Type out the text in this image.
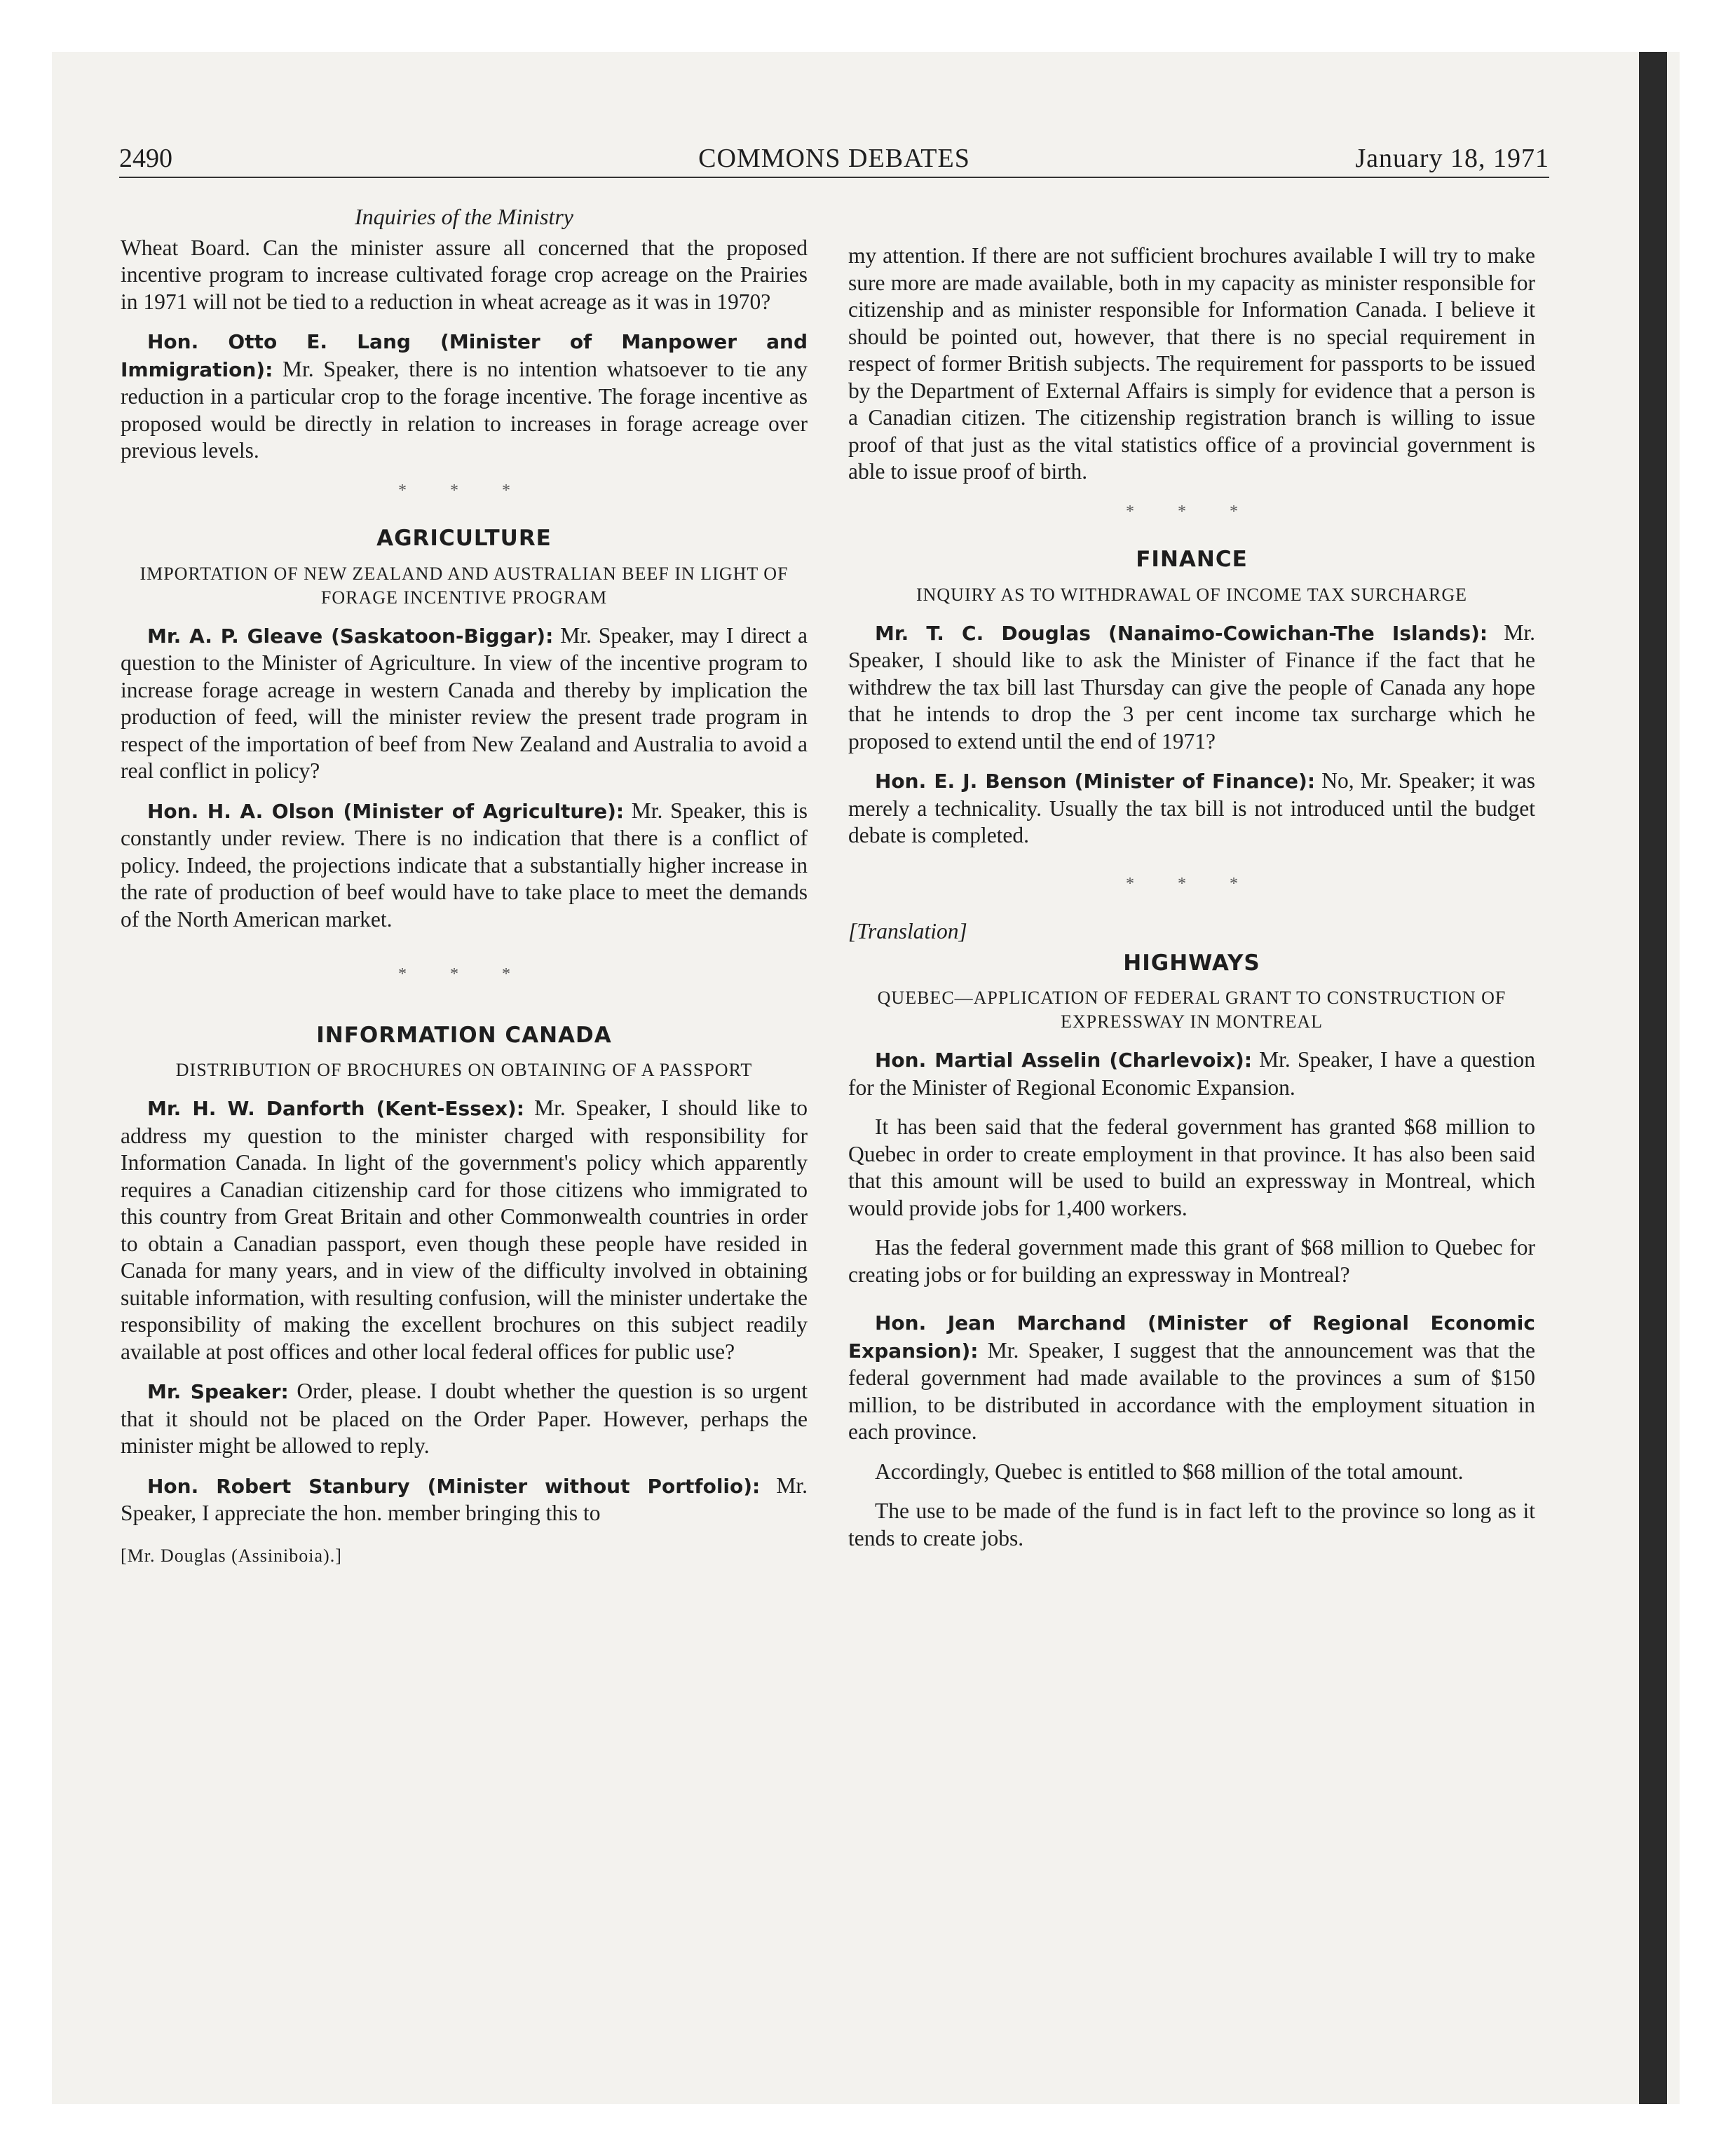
2490	COMMONS DEBATES	January 18, 1971
Inquiries of the Ministry

Wheat Board. Can the minister assure all concerned that the proposed incentive program to increase cultivated forage crop acreage on the Prairies in 1971 will not be tied to a reduction in wheat acreage as it was in 1970?

Hon. Otto E. Lang (Minister of Manpower and Immigration): Mr. Speaker, there is no intention whatsoever to tie any reduction in a particular crop to the forage incentive. The forage incentive as proposed would be directly in relation to increases in forage acreage over previous levels.

* * *
AGRICULTURE
IMPORTATION OF NEW ZEALAND AND AUSTRALIAN BEEF IN LIGHT OF FORAGE INCENTIVE PROGRAM

Mr. A. P. Gleave (Saskatoon-Biggar): Mr. Speaker, may I direct a question to the Minister of Agriculture. In view of the incentive program to increase forage acreage in western Canada and thereby by implication the production of feed, will the minister review the present trade program in respect of the importation of beef from New Zealand and Australia to avoid a real conflict in policy?

Hon. H. A. Olson (Minister of Agriculture): Mr. Speaker, this is constantly under review. There is no indication that there is a conflict of policy. Indeed, the projections indicate that a substantially higher increase in the rate of production of beef would have to take place to meet the demands of the North American market.

* * *
INFORMATION CANADA
DISTRIBUTION OF BROCHURES ON OBTAINING OF A PASSPORT

Mr. H. W. Danforth (Kent-Essex): Mr. Speaker, I should like to address my question to the minister charged with responsibility for Information Canada. In light of the government's policy which apparently requires a Canadian citizenship card for those citizens who immigrated to this country from Great Britain and other Commonwealth countries in order to obtain a Canadian passport, even though these people have resided in Canada for many years, and in view of the difficulty involved in obtaining suitable information, with resulting confusion, will the minister undertake the responsibility of making the excellent brochures on this subject readily available at post offices and other local federal offices for public use?

Mr. Speaker: Order, please. I doubt whether the question is so urgent that it should not be placed on the Order Paper. However, perhaps the minister might be allowed to reply.

Hon. Robert Stanbury (Minister without Portfolio): Mr. Speaker, I appreciate the hon. member bringing this to

[Mr. Douglas (Assiniboia).]

my attention. If there are not sufficient brochures available I will try to make sure more are made available, both in my capacity as minister responsible for citizenship and as minister responsible for Information Canada. I believe it should be pointed out, however, that there is no special requirement in respect of former British subjects. The requirement for passports to be issued by the Department of External Affairs is simply for evidence that a person is a Canadian citizen. The citizenship registration branch is willing to issue proof of that just as the vital statistics office of a provincial government is able to issue proof of birth.

* * *
FINANCE
INQUIRY AS TO WITHDRAWAL OF INCOME TAX SURCHARGE

Mr. T. C. Douglas (Nanaimo-Cowichan-The Islands): Mr. Speaker, I should like to ask the Minister of Finance if the fact that he withdrew the tax bill last Thursday can give the people of Canada any hope that he intends to drop the 3 per cent income tax surcharge which he proposed to extend until the end of 1971?

Hon. E. J. Benson (Minister of Finance): No, Mr. Speaker; it was merely a technicality. Usually the tax bill is not introduced until the budget debate is completed.

* * *
[Translation]
HIGHWAYS
QUEBEC—APPLICATION OF FEDERAL GRANT TO CONSTRUCTION OF EXPRESSWAY IN MONTREAL

Hon. Martial Asselin (Charlevoix): Mr. Speaker, I have a question for the Minister of Regional Economic Expansion.

It has been said that the federal government has granted $68 million to Quebec in order to create employment in that province. It has also been said that this amount will be used to build an expressway in Montreal, which would provide jobs for 1,400 workers.

Has the federal government made this grant of $68 million to Quebec for creating jobs or for building an expressway in Montreal?

Hon. Jean Marchand (Minister of Regional Economic Expansion): Mr. Speaker, I suggest that the announcement was that the federal government had made available to the provinces a sum of $150 million, to be distributed in accordance with the employment situation in each province.

Accordingly, Quebec is entitled to $68 million of the total amount.

The use to be made of the fund is in fact left to the province so long as it tends to create jobs.
